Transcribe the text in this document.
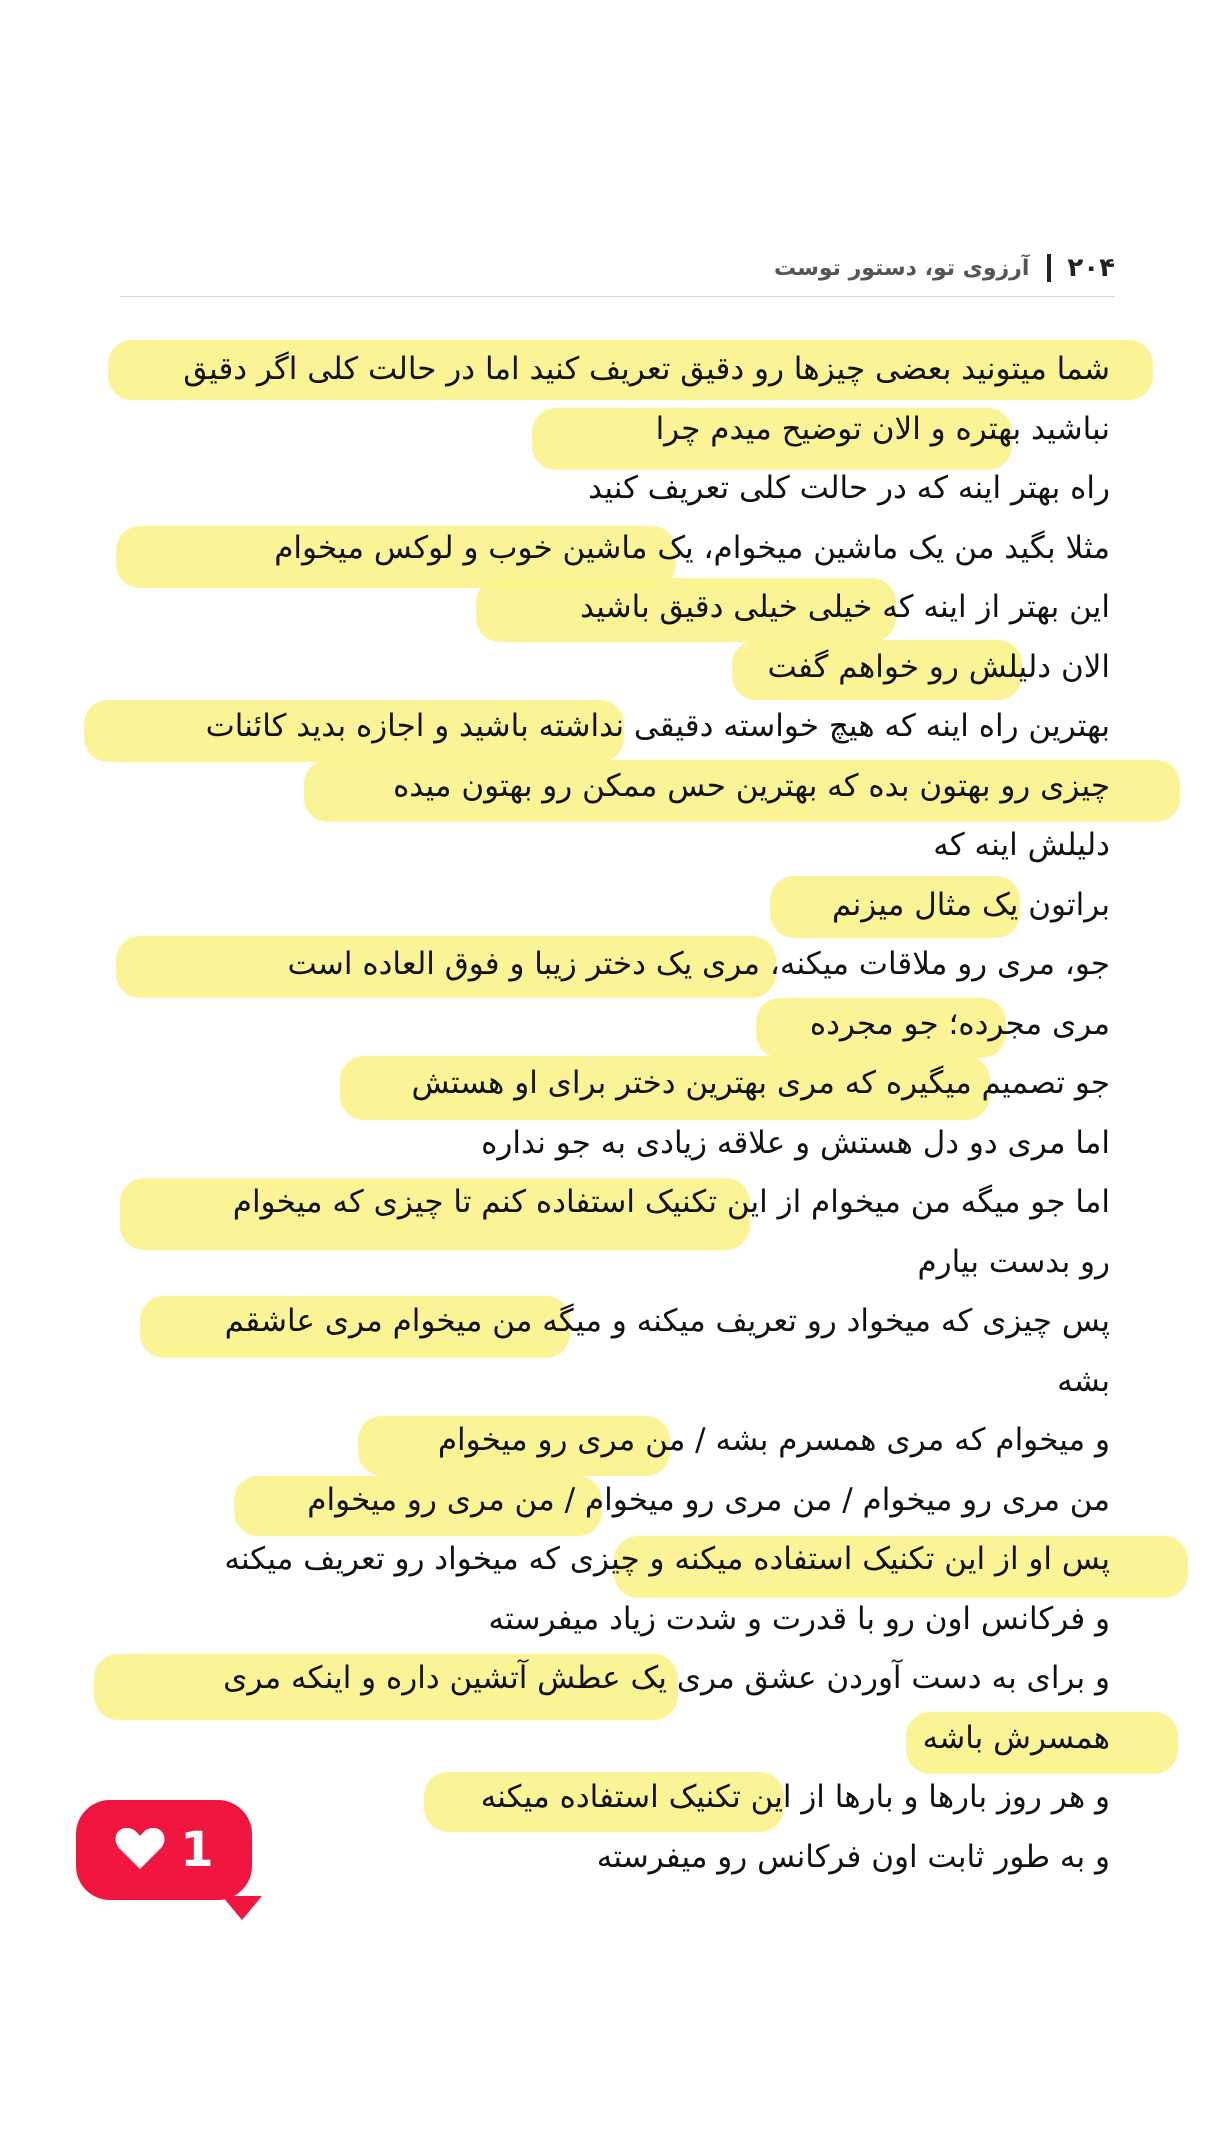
۲۰۴
آرزوی تو، دستور توست
شما میتونید بعضی چیزها رو دقیق تعریف کنید اما در حالت کلی اگر دقیق
نباشید بهتره و الان توضیح میدم چرا
راه بهتر اینه که در حالت کلی تعریف کنید
مثلا بگید من یک ماشین میخوام، یک ماشین خوب و لوکس میخوام
این بهتر از اینه که خیلی خیلی دقیق باشید
الان دلیلش رو خواهم گفت
بهترین راه اینه که هیچ خواسته دقیقی نداشته باشید و اجازه بدید کائنات
چیزی رو بهتون بده که بهترین حس ممکن رو بهتون میده
دلیلش اینه که
براتون یک مثال میزنم
جو، مری رو ملاقات میکنه، مری یک دختر زیبا و فوق العاده است
مری مجرده؛ جو مجرده
جو تصمیم میگیره که مری بهترین دختر برای او هستش
اما مری دو دل هستش و علاقه زیادی به جو نداره
اما جو میگه من میخوام از این تکنیک استفاده کنم تا چیزی که میخوام
رو بدست بیارم
پس چیزی که میخواد رو تعریف میکنه و میگه من میخوام مری عاشقم
بشه
و میخوام که مری همسرم بشه / من مری رو میخوام
من مری رو میخوام / من مری رو میخوام / من مری رو میخوام
پس او از این تکنیک استفاده میکنه و چیزی که میخواد رو تعریف میکنه
و فرکانس اون رو با قدرت و شدت زیاد میفرسته
و برای به دست آوردن عشق مری یک عطش آتشین داره و اینکه مری
همسرش باشه
و هر روز بارها و بارها از این تکنیک استفاده میکنه
و به طور ثابت اون فرکانس رو میفرسته
1
